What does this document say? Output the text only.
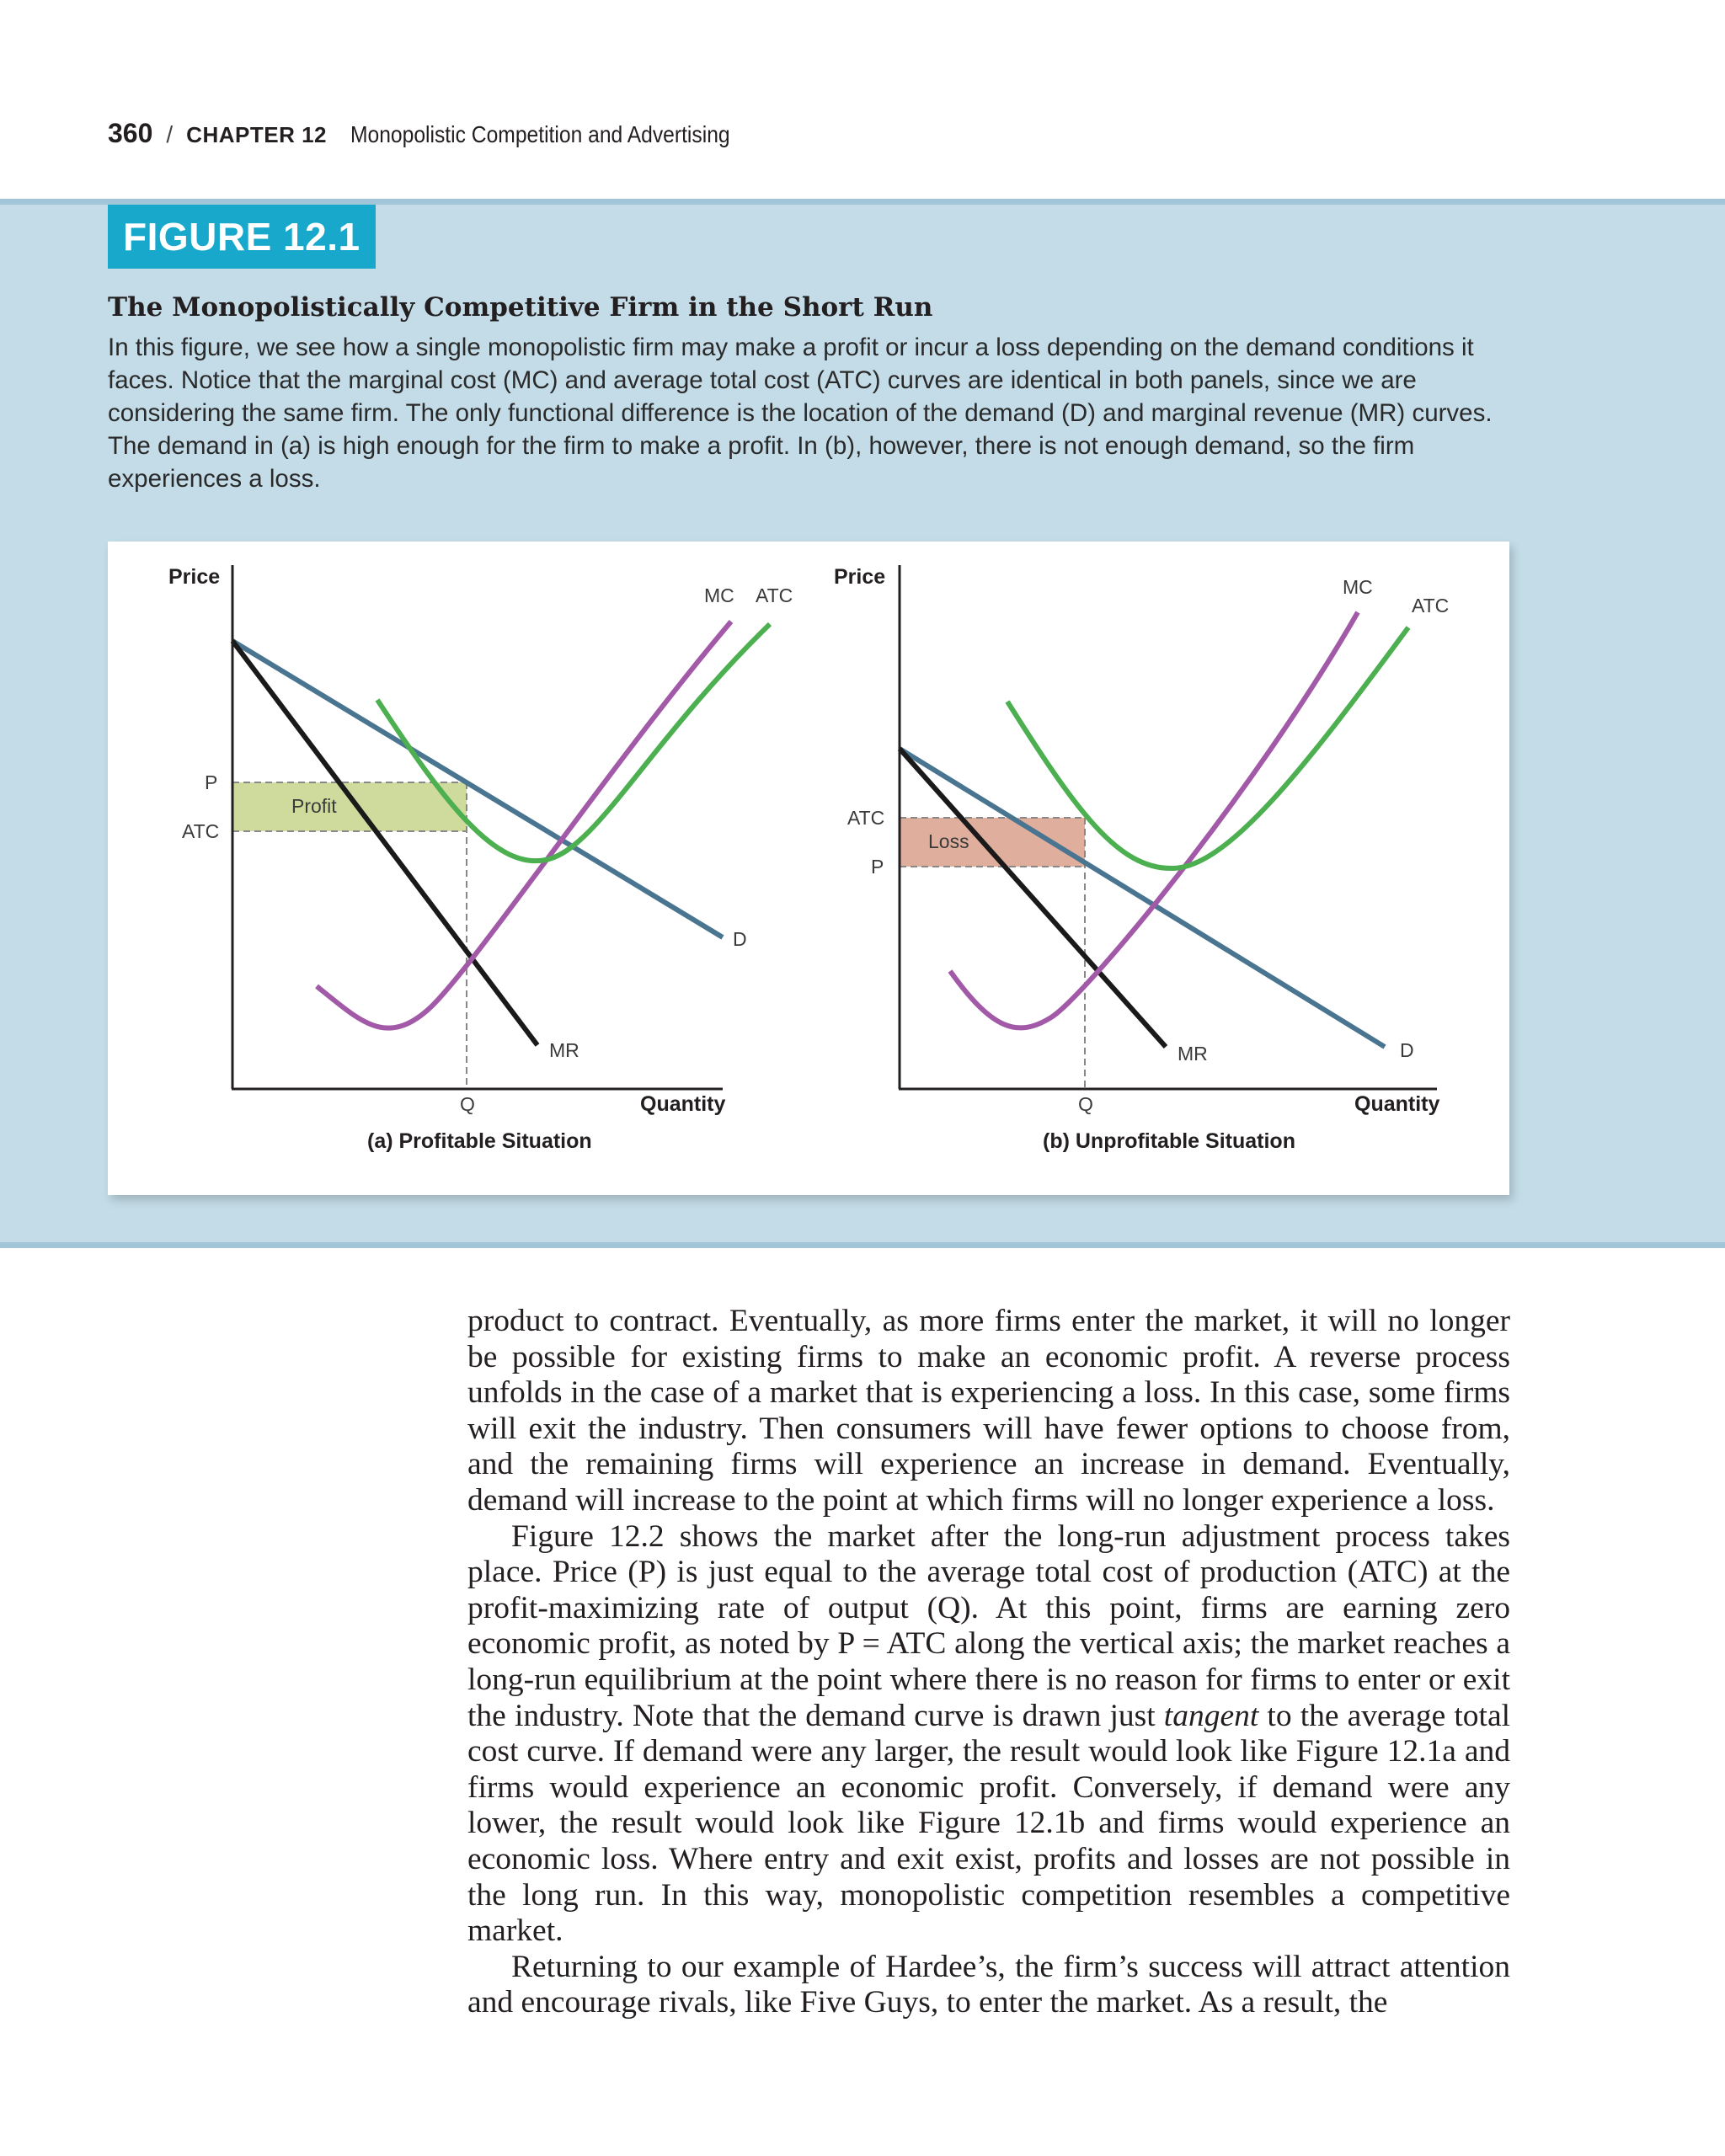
360 / CHAPTER 12 Monopolistic Competition and Advertising
FIGURE 12.1
The Monopolistically Competitive Firm in the Short Run
In this figure, we see how a single monopolistic firm may make a profit or incur a loss depending on the demand conditions it faces. Notice that the marginal cost (MC) and average total cost (ATC) curves are identical in both panels, since we are considering the same firm. The only functional difference is the location of the demand (D) and marginal revenue (MR) curves. The demand in (a) is high enough for the firm to make a profit. In (b), however, there is not enough demand, so the firm experiences a loss.
Price
Quantity
P
ATC
Q
Profit
MC ATC
D
MR
(a) Profitable Situation
Price
Quantity
ATC
P
Q
Loss
MC
ATC
D
MR
(b) Unprofitable Situation

product to contract. Eventually, as more firms enter the market, it will no longer be possible for existing firms to make an economic profit. A reverse process unfolds in the case of a market that is experiencing a loss. In this case, some firms will exit the industry. Then consumers will have fewer options to choose from, and the remaining firms will experience an increase in demand. Eventually, demand will increase to the point at which firms will no longer experience a loss.

Figure 12.2 shows the market after the long-run adjustment process takes place. Price (P) is just equal to the average total cost of production (ATC) at the profit-maximizing rate of output (Q). At this point, firms are earning zero economic profit, as noted by P = ATC along the vertical axis; the market reaches a long-run equilibrium at the point where there is no reason for firms to enter or exit the industry. Note that the demand curve is drawn just tangent to the average total cost curve. If demand were any larger, the result would look like Figure 12.1a and firms would experience an economic profit. Conversely, if demand were any lower, the result would look like Figure 12.1b and firms would experience an economic loss. Where entry and exit exist, profits and losses are not possible in the long run. In this way, monopolistic competition resembles a competitive market.

Returning to our example of Hardee’s, the firm’s success will attract attention and encourage rivals, like Five Guys, to enter the market. As a result, the
